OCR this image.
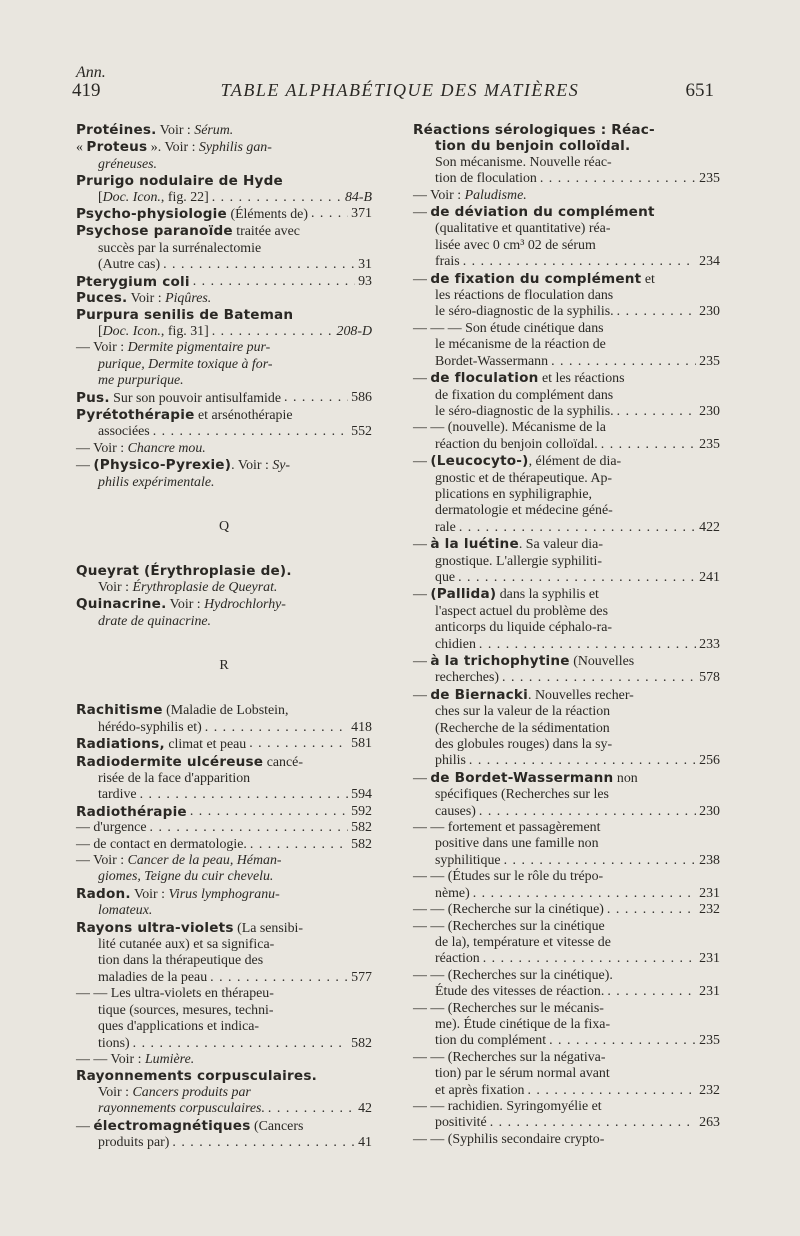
Ann.
419	TABLE ALPHABÉTIQUE DES MATIÈRES	651
Protéines. Voir : Sérum.
« Proteus ». Voir : Syphilis gan-
gréneuses.
Prurigo nodulaire de Hyde
[Doc. Icon., fig. 22] . . .	84-B
Psycho-physiologie (Éléments de) . . .	371
Psychose paranoïde traitée avec
succès par la surrénalectomie
(Autre cas) . . .	31
Pterygium coli . . .	93
Puces. Voir : Piqûres.
Purpura senilis de Bateman
[Doc. Icon., fig. 31] . . .	208-D
— Voir : Dermite pigmentaire pur-
purique, Dermite toxique à for-
me purpurique.
Pus. Sur son pouvoir antisulfamide . . .	586
Pyrétothérapie et arsénothérapie
associées . . .	552
— Voir : Chancre mou.
— (Physico-Pyrexie). Voir : Sy-
philis expérimentale.
Q
Queyrat (Érythroplasie de).
Voir : Érythroplasie de Queyrat.
Quinacrine. Voir : Hydrochlorhy-
drate de quinacrine.
R
Rachitisme (Maladie de Lobstein,
hérédo-syphilis et) . . .	418
Radiations, climat et peau . . .	581
Radiodermite ulcéreuse cancé-
risée de la face d'apparition
tardive . . .	594
Radiothérapie . . .	592
— d'urgence . . .	582
— de contact en dermatologie. . . .	582
— Voir : Cancer de la peau, Héman-
giomes, Teigne du cuir chevelu.
Radon. Voir : Virus lymphogranu-
lomateux.
Rayons ultra-violets (La sensibi-
lité cutanée aux) et sa significa-
tion dans la thérapeutique des
maladies de la peau . . .	577
— — Les ultra-violets en thérapeu-
tique (sources, mesures, techni-
ques d'applications et indica-
tions) . . .	582
— — Voir : Lumière.
Rayonnements corpusculaires.
Voir : Cancers produits par
rayonnements corpusculaires. . . .	42
— électromagnétiques (Cancers
produits par) . . .	41
Réactions sérologiques : Réac-
tion du benjoin colloïdal.
Son mécanisme. Nouvelle réac-
tion de floculation . . .	235
— Voir : Paludisme.
— de déviation du complément
(qualitative et quantitative) réa-
lisée avec 0 cm³ 02 de sérum
frais . . .	234
— de fixation du complément et
les réactions de floculation dans
le séro-diagnostic de la syphilis. . . .	230
— — — Son étude cinétique dans
le mécanisme de la réaction de
Bordet-Wassermann . . .	235
— de floculation et les réactions
de fixation du complément dans
le séro-diagnostic de la syphilis. . . .	230
— — (nouvelle). Mécanisme de la
réaction du benjoin colloïdal. . . .	235
— (Leucocyto-), élément de dia-
gnostic et de thérapeutique. Ap-
plications en syphiligraphie,
dermatologie et médecine géné-
rale . . .	422
— à la luétine. Sa valeur dia-
gnostique. L'allergie syphiliti-
que . . .	241
— (Pallida) dans la syphilis et
l'aspect actuel du problème des
anticorps du liquide céphalo-ra-
chidien . . .	233
— à la trichophytine (Nouvelles
recherches) . . .	578
— de Biernacki. Nouvelles recher-
ches sur la valeur de la réaction
(Recherche de la sédimentation
des globules rouges) dans la sy-
philis . . .	256
— de Bordet-Wassermann non
spécifiques (Recherches sur les
causes) . . .	230
— — fortement et passagèrement
positive dans une famille non
syphilitique . . .	238
— — (Études sur le rôle du trépo-
nème) . . .	231
— — (Recherche sur la cinétique) . . .	232
— — (Recherches sur la cinétique
de la), température et vitesse de
réaction . . .	231
— — (Recherches sur la cinétique).
Étude des vitesses de réaction. . . .	231
— — (Recherches sur le mécanis-
me). Étude cinétique de la fixa-
tion du complément . . .	235
— — (Recherches sur la négativa-
tion) par le sérum normal avant
et après fixation . . .	232
— — rachidien. Syringomyélie et
positivité . . .	263
— — (Syphilis secondaire crypto-
